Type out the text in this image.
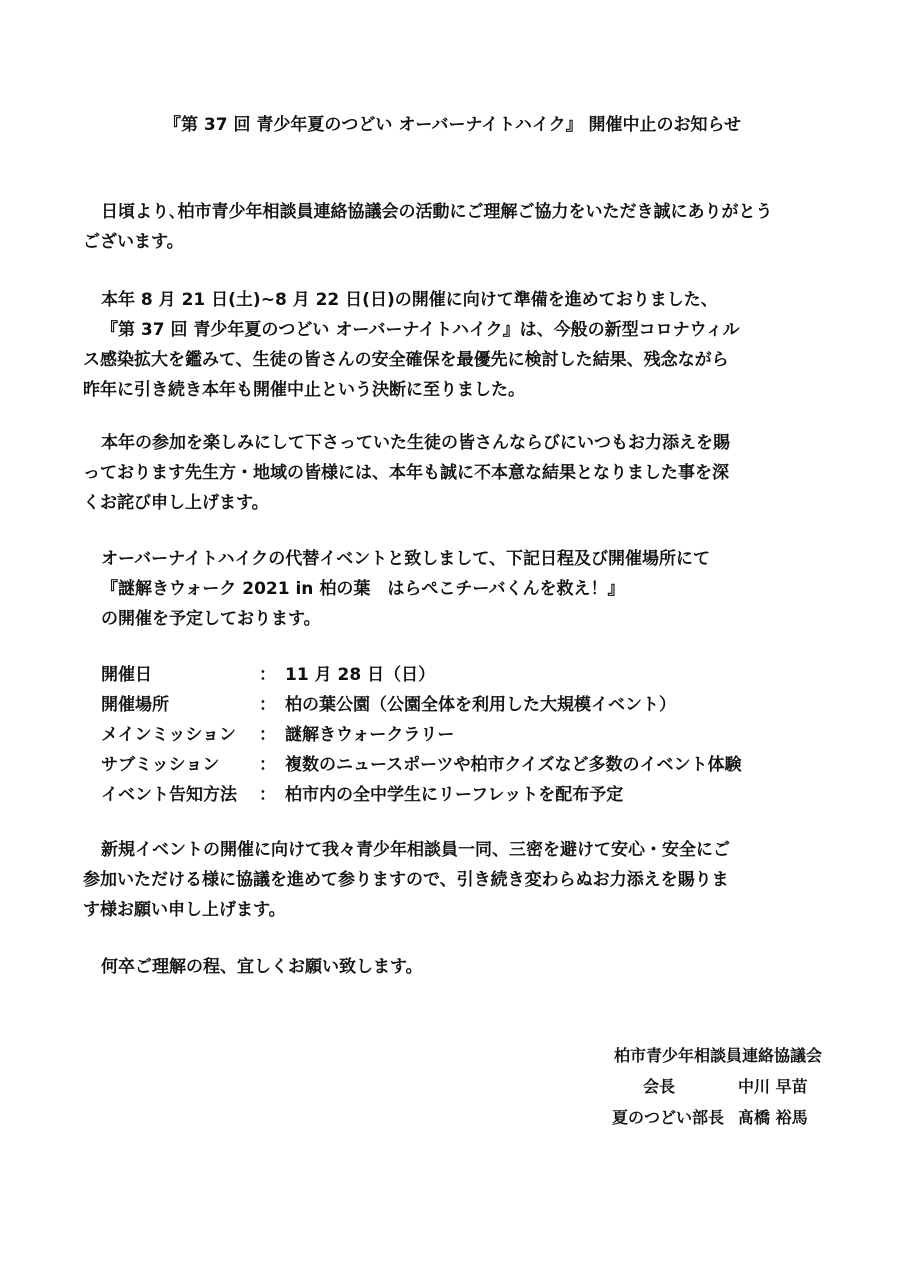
『第 37 回 青少年夏のつどい オーバーナイトハイク』 開催中止のお知らせ
日頃より､柏市青少年相談員連絡協議会の活動にご理解ご協力をいただき誠にありがとう
ございます。
本年 8 月 21 日(土)~8 月 22 日(日)の開催に向けて準備を進めておりました、
『第 37 回 青少年夏のつどい オーバーナイトハイク』は、今般の新型コロナウィル
ス感染拡大を鑑みて、生徒の皆さんの安全確保を最優先に検討した結果、残念ながら
昨年に引き続き本年も開催中止という決断に至りました。
本年の参加を楽しみにして下さっていた生徒の皆さんならびにいつもお力添えを賜
っております先生方・地域の皆様には、本年も誠に不本意な結果となりました事を深
くお詫び申し上げます。
オーバーナイトハイクの代替イベントと致しまして、下記日程及び開催場所にて
『謎解きウォーク 2021 in 柏の葉　はらぺこチーバくんを救え！』
の開催を予定しております。
開催日	： 11 月 28 日（日）
開催場所	： 柏の葉公園（公園全体を利用した大規模イベント）
メインミッション	： 謎解きウォークラリー
サブミッション	： 複数のニュースポーツや柏市クイズなど多数のイベント体験
イベント告知方法	： 柏市内の全中学生にリーフレットを配布予定
新規イベントの開催に向けて我々青少年相談員一同、三密を避けて安心・安全にご
参加いただける様に協議を進めて参りますので、引き続き変わらぬお力添えを賜りま
す様お願い申し上げます。
何卒ご理解の程、宜しくお願い致します。
柏市青少年相談員連絡協議会
会長	中川 早苗
夏のつどい部長 髙橋 裕馬
